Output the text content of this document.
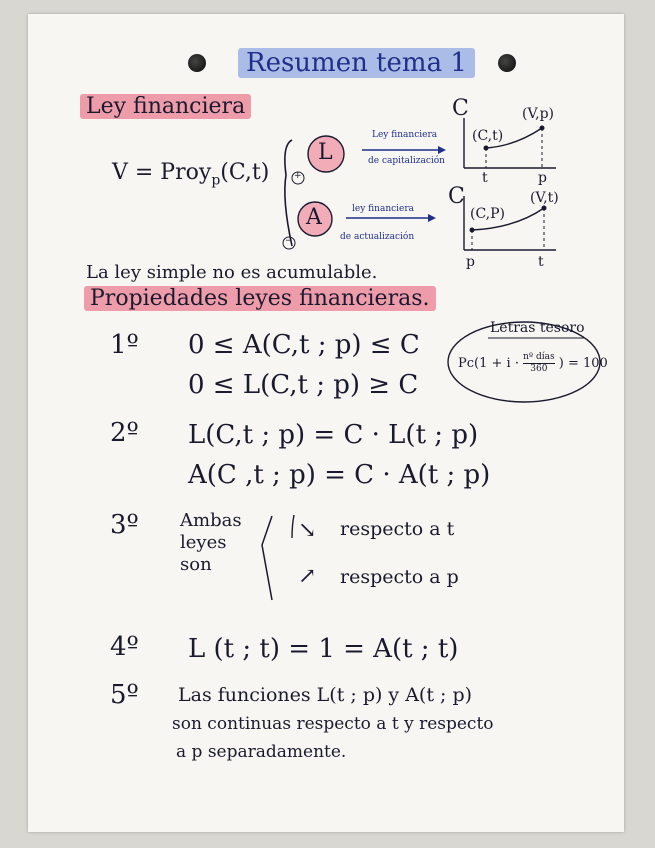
Resumen tema 1
Ley financiera
V = Proy$_p$(C,t)	+
−
L
A
Ley financiera
de capitalización
ley financiera
de actualización
C
(C,t)
(V,p)
t	p
C
(C,P)
(V,t)
p	t
La ley simple no es acumulable.
Propiedades leyes financieras.
Letras tesoro
Pc(1 + i · nº días
360 ) = 100
1º 0 ≤ A(C,t ; p) ≤ C
0 ≤ L(C,t ; p) ≥ C
2º L(C,t ; p) = C · L(t ; p)
A(C ,t ; p) = C · A(t ; p)
3º Ambas
leyes
son
↘ respecto a t
↗ respecto a p
4º L (t ; t) = 1 = A(t ; t)
5º Las funciones L(t ; p) y A(t ; p)
son continuas respecto a t y respecto
a p separadamente.
